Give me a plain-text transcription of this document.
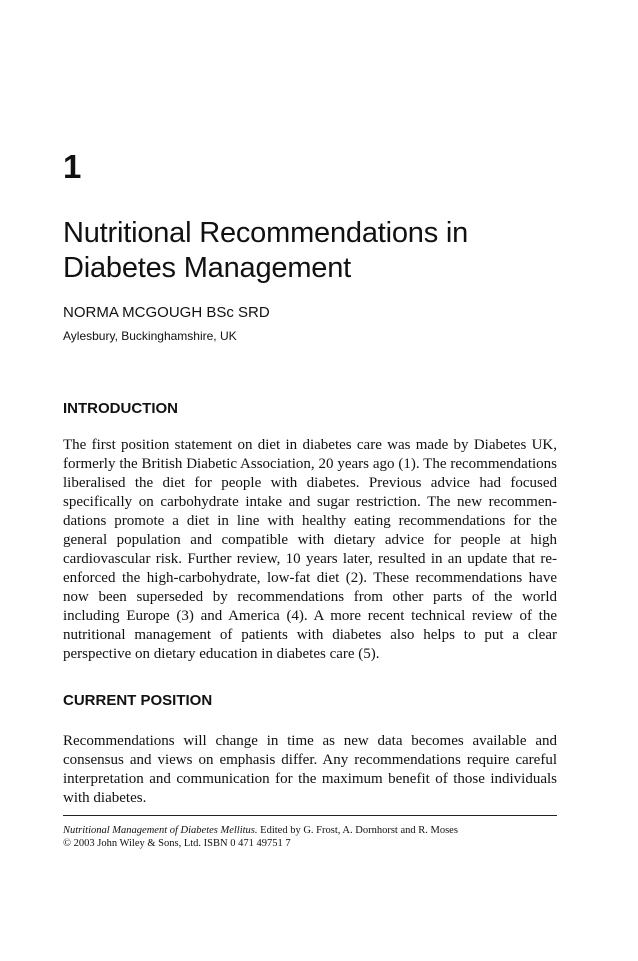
1
Nutritional Recommendations in
Diabetes Management

NORMA MCGOUGH BSc SRD

Aylesbury, Buckinghamshire, UK

INTRODUCTION

The first position statement on diet in diabetes care was made by Diabetes UK, formerly the British Diabetic Association, 20 years ago (1). The recommendations liberalised the diet for people with diabetes. Previous advice had focused specifically on carbohydrate intake and sugar restriction. The new recommendations promote a diet in line with healthy eating recommendations for the general population and compatible with dietary advice for people at high cardiovascular risk. Further review, 10 years later, resulted in an update that re-enforced the high-carbohydrate, low-fat diet (2). These recommendations have now been superseded by recommendations from other parts of the world including Europe (3) and America (4). A more recent technical review of the nutritional management of patients with diabetes also helps to put a clear perspective on dietary education in diabetes care (5).

CURRENT POSITION

Recommendations will change in time as new data becomes available and consensus and views on emphasis differ. Any recommendations require careful interpretation and communication for the maximum benefit of those individuals with diabetes.

Nutritional Management of Diabetes Mellitus. Edited by G. Frost, A. Dornhorst and R. Moses
© 2003 John Wiley & Sons, Ltd. ISBN 0 471 49751 7
